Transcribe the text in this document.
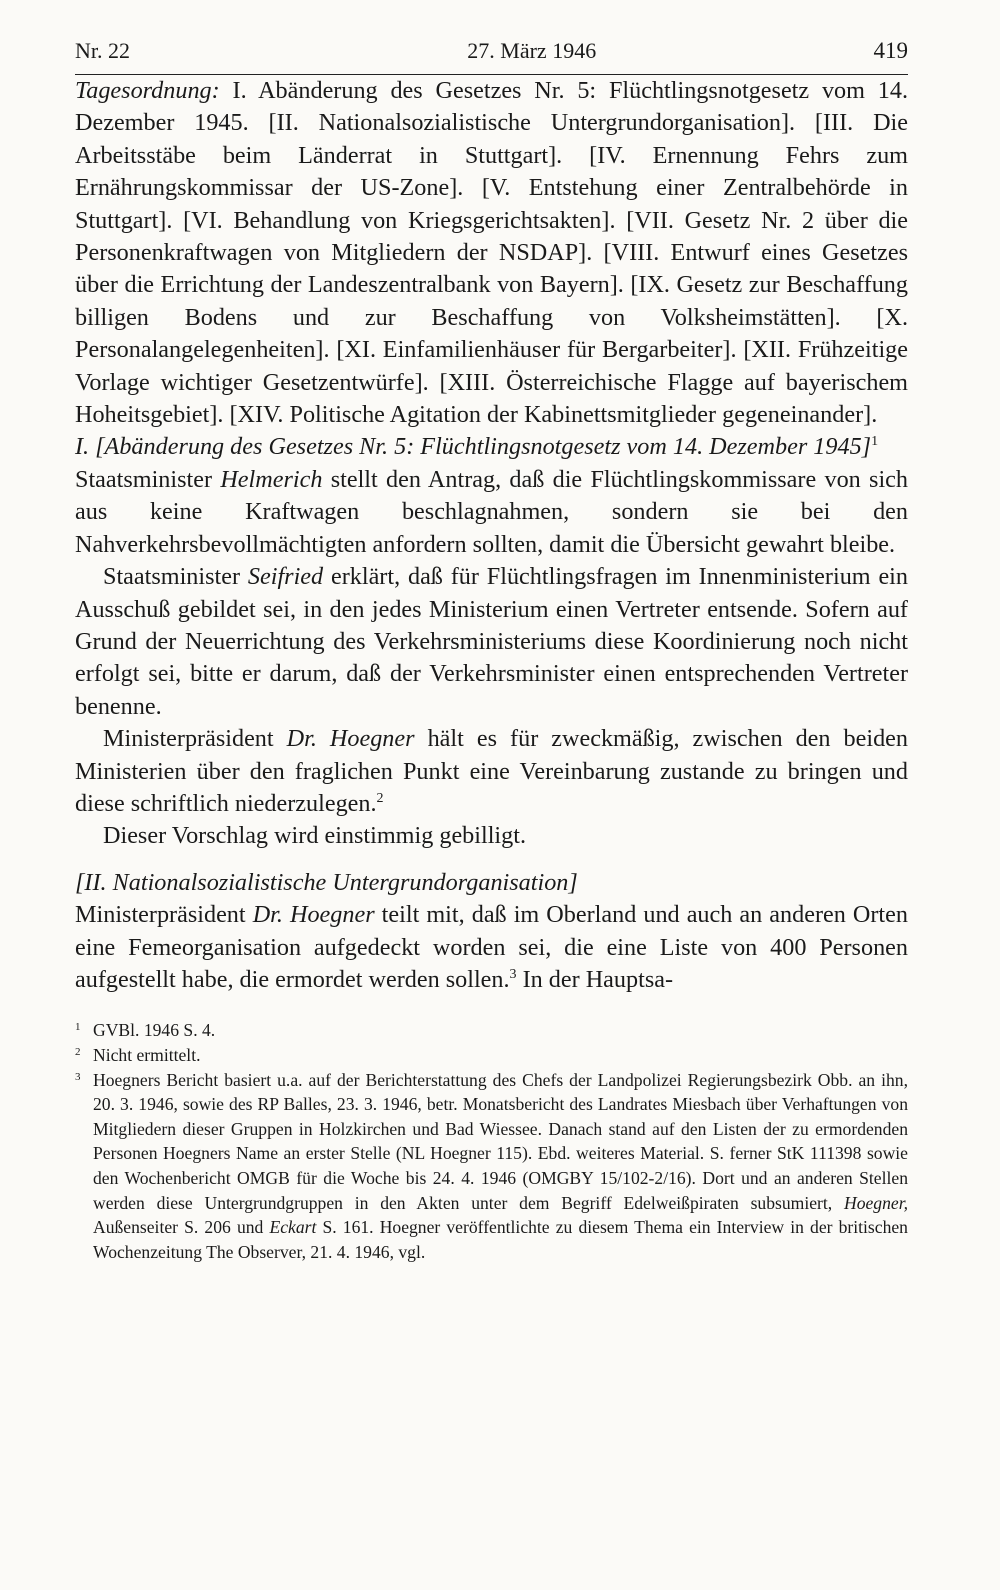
Nr. 22	27. März 1946	419

Tagesordnung: I. Abänderung des Gesetzes Nr. 5: Flüchtlingsnotgesetz vom 14. Dezember 1945. [II. Nationalsozialistische Untergrundorganisation]. [III. Die Arbeitsstäbe beim Länderrat in Stuttgart]. [IV. Ernennung Fehrs zum Ernährungskommissar der US-Zone]. [V. Entstehung einer Zentralbehörde in Stuttgart]. [VI. Behandlung von Kriegsgerichtsakten]. [VII. Gesetz Nr. 2 über die Personenkraftwagen von Mitgliedern der NSDAP]. [VIII. Entwurf eines Gesetzes über die Errichtung der Landeszentralbank von Bayern]. [IX. Gesetz zur Beschaffung billigen Bodens und zur Beschaffung von Volksheimstätten]. [X. Personalangelegenheiten]. [XI. Einfamilienhäuser für Bergarbeiter]. [XII. Frühzeitige Vorlage wichtiger Gesetzentwürfe]. [XIII. Österreichische Flagge auf bayerischem Hoheitsgebiet]. [XIV. Politische Agitation der Kabinettsmitglieder gegeneinander].

I. [Abänderung des Gesetzes Nr. 5: Flüchtlingsnotgesetz vom 14. Dezember 1945]$^1$

Staatsminister Helmerich stellt den Antrag, daß die Flüchtlingskommissare von sich aus keine Kraftwagen beschlagnahmen, sondern sie bei den Nahverkehrsbevollmächtigten anfordern sollten, damit die Übersicht gewahrt bleibe.

Staatsminister Seifried erklärt, daß für Flüchtlingsfragen im Innenministerium ein Ausschuß gebildet sei, in den jedes Ministerium einen Vertreter entsende. Sofern auf Grund der Neuerrichtung des Verkehrsministeriums diese Koordinierung noch nicht erfolgt sei, bitte er darum, daß der Verkehrsminister einen entsprechenden Vertreter benenne.

Ministerpräsident Dr. Hoegner hält es für zweckmäßig, zwischen den beiden Ministerien über den fraglichen Punkt eine Vereinbarung zustande zu bringen und diese schriftlich niederzulegen.$^2$

Dieser Vorschlag wird einstimmig gebilligt.

[II. Nationalsozialistische Untergrundorganisation]

Ministerpräsident Dr. Hoegner teilt mit, daß im Oberland und auch an anderen Orten eine Femeorganisation aufgedeckt worden sei, die eine Liste von 400 Personen aufgestellt habe, die ermordet werden sollen.$^3$ In der Hauptsa-

1 GVBl. 1946 S. 4.
2 Nicht ermittelt.
3 Hoegners Bericht basiert u.a. auf der Berichterstattung des Chefs der Landpolizei Regierungsbezirk Obb. an ihn, 20. 3. 1946, sowie des RP Balles, 23. 3. 1946, betr. Monatsbericht des Landrates Miesbach über Verhaftungen von Mitgliedern dieser Gruppen in Holzkirchen und Bad Wiessee. Danach stand auf den Listen der zu ermordenden Personen Hoegners Name an erster Stelle (NL Hoegner 115). Ebd. weiteres Material. S. ferner StK 111398 sowie den Wochenbericht OMGB für die Woche bis 24. 4. 1946 (OMGBY 15/102-2/16). Dort und an anderen Stellen werden diese Untergrundgruppen in den Akten unter dem Begriff Edelweißpiraten subsumiert, Hoegner, Außenseiter S. 206 und Eckart S. 161. Hoegner veröffentlichte zu diesem Thema ein Interview in der britischen Wochenzeitung The Observer, 21. 4. 1946, vgl.
